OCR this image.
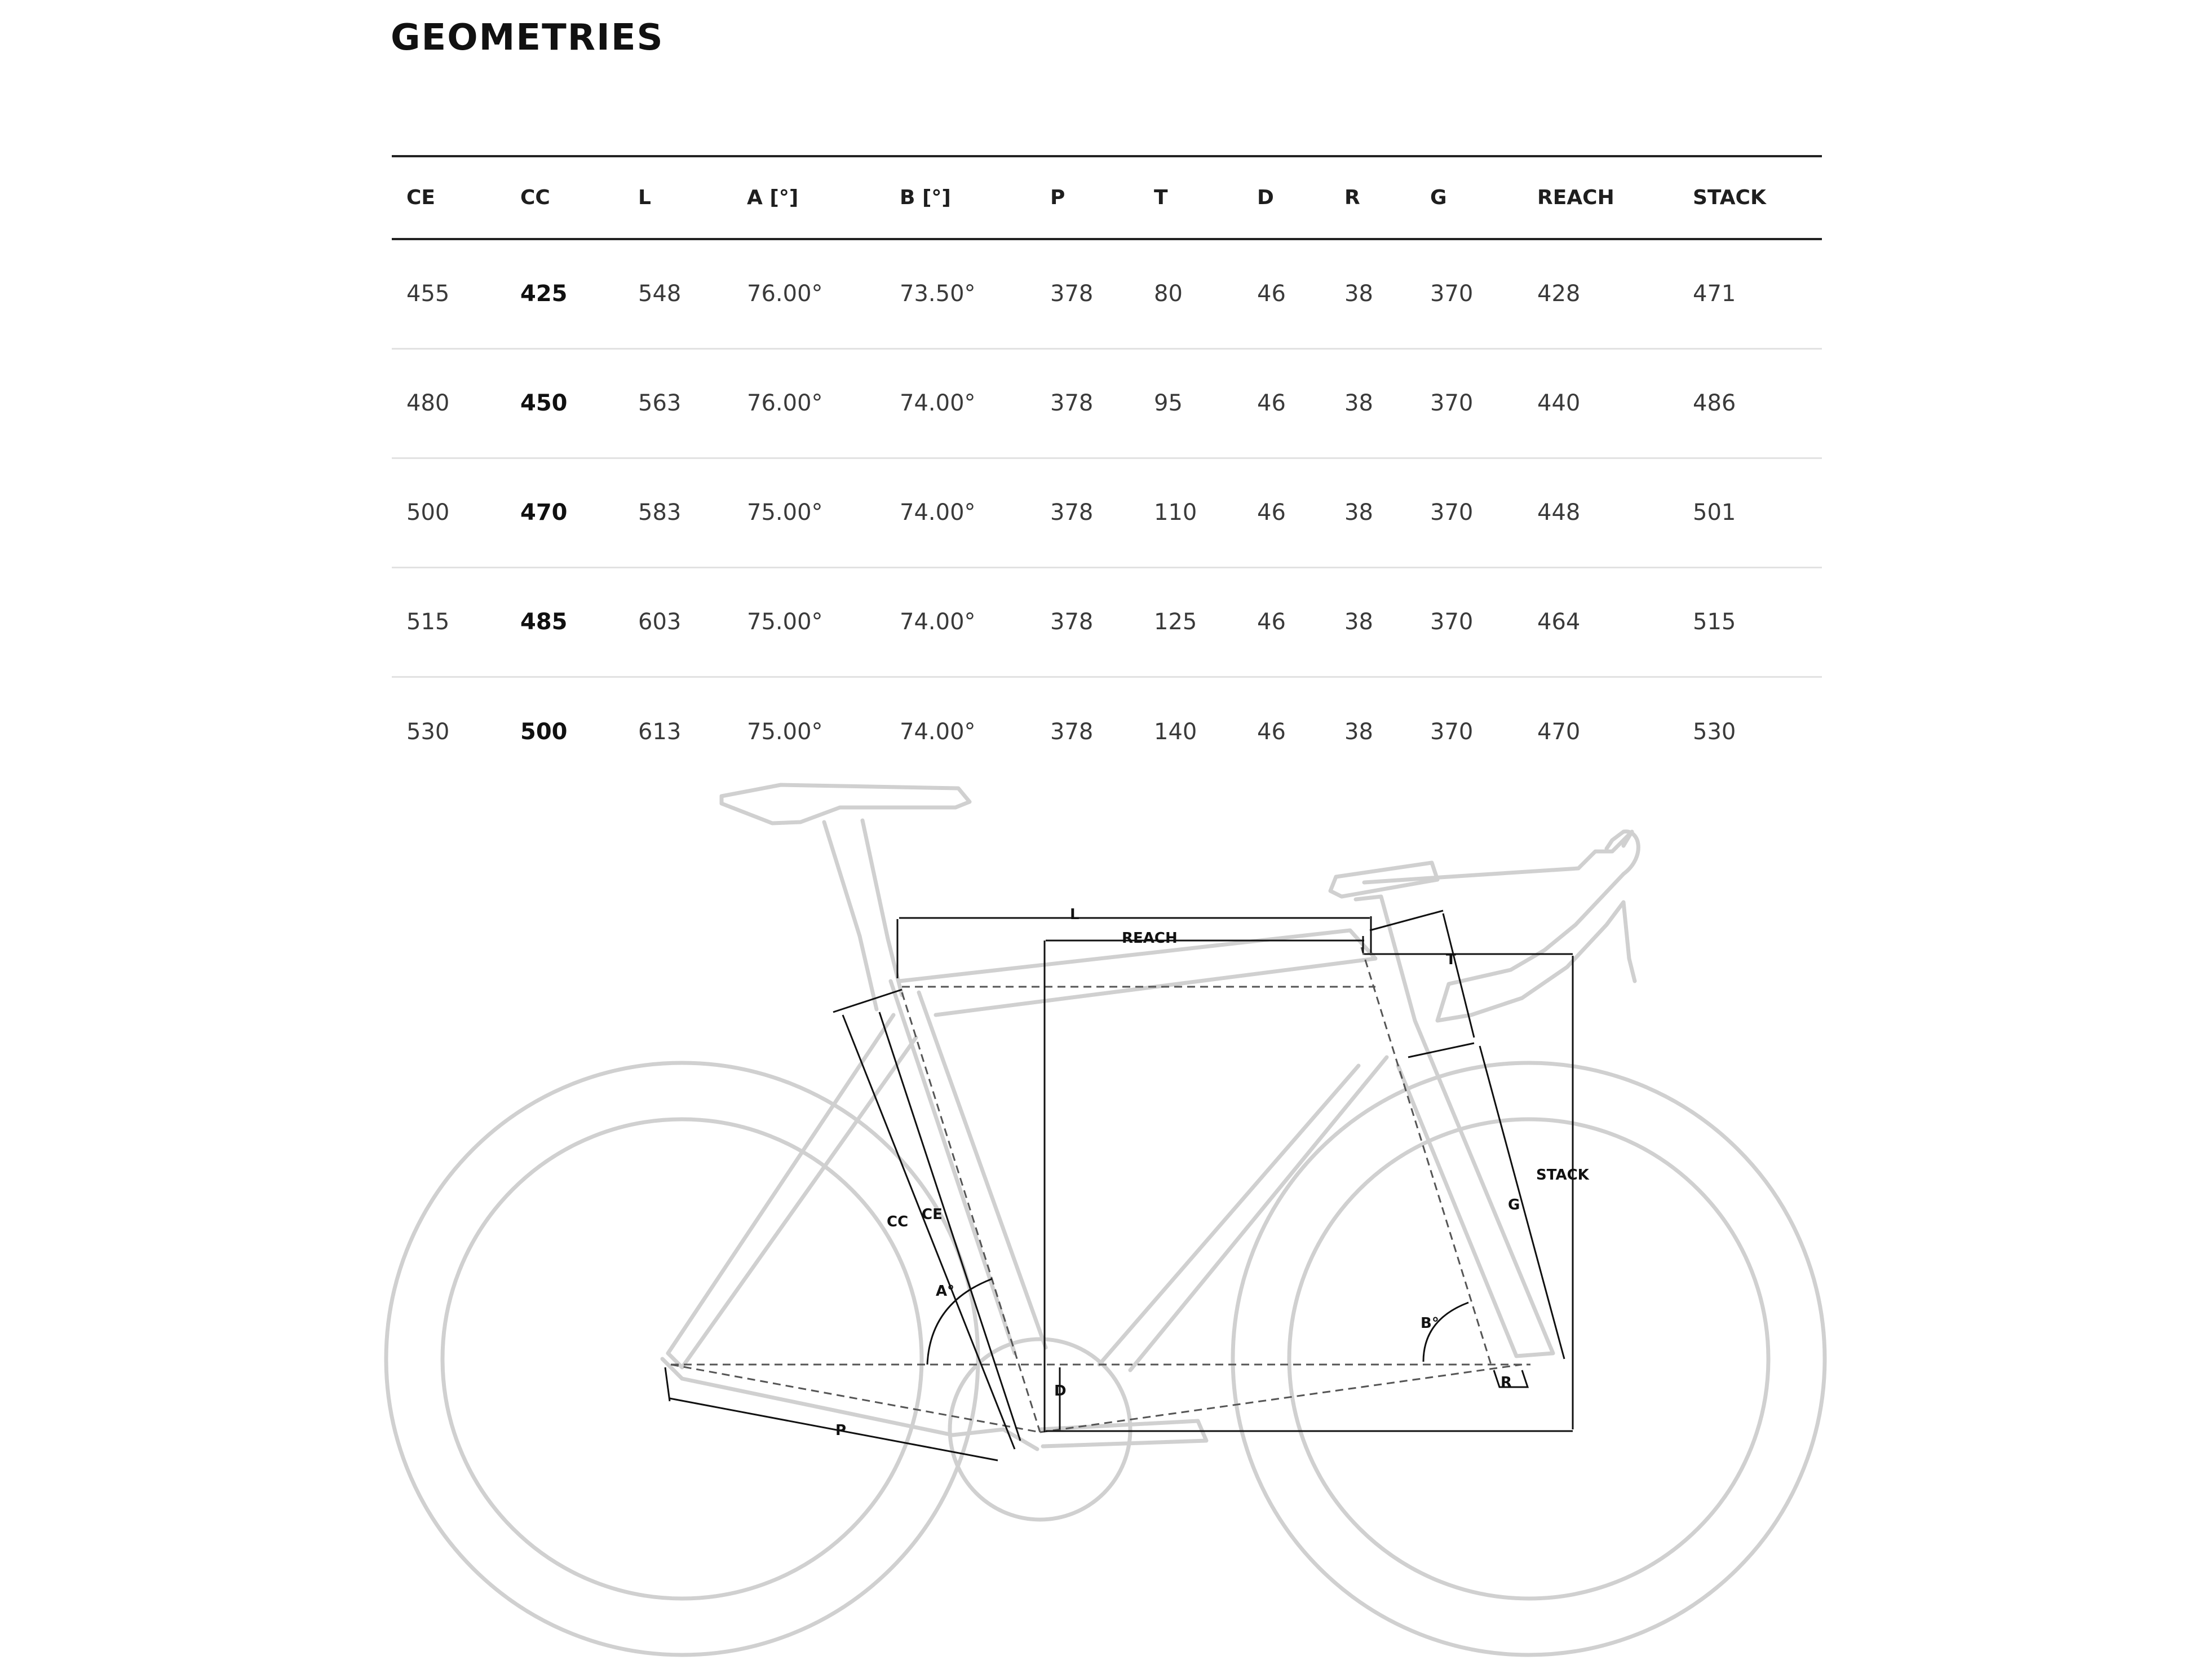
GEOMETRIES
CE	CC	L	A [°]	B [°]	P	T	D	R	G	REACH	STACK
455	425	548	76.00°	73.50°	378	80	46	38	370	428	471
480	450	563	76.00°	74.00°	378	95	46	38	370	440	486
500	470	583	75.00°	74.00°	378	110	46	38	370	448	501
515	485	603	75.00°	74.00°	378	125	46	38	370	464	515
530	500	613	75.00°	74.00°	378	140	46	38	370	470	530
L
REACH
T
STACK
G
CC CE
A°
B°
D	R
P
